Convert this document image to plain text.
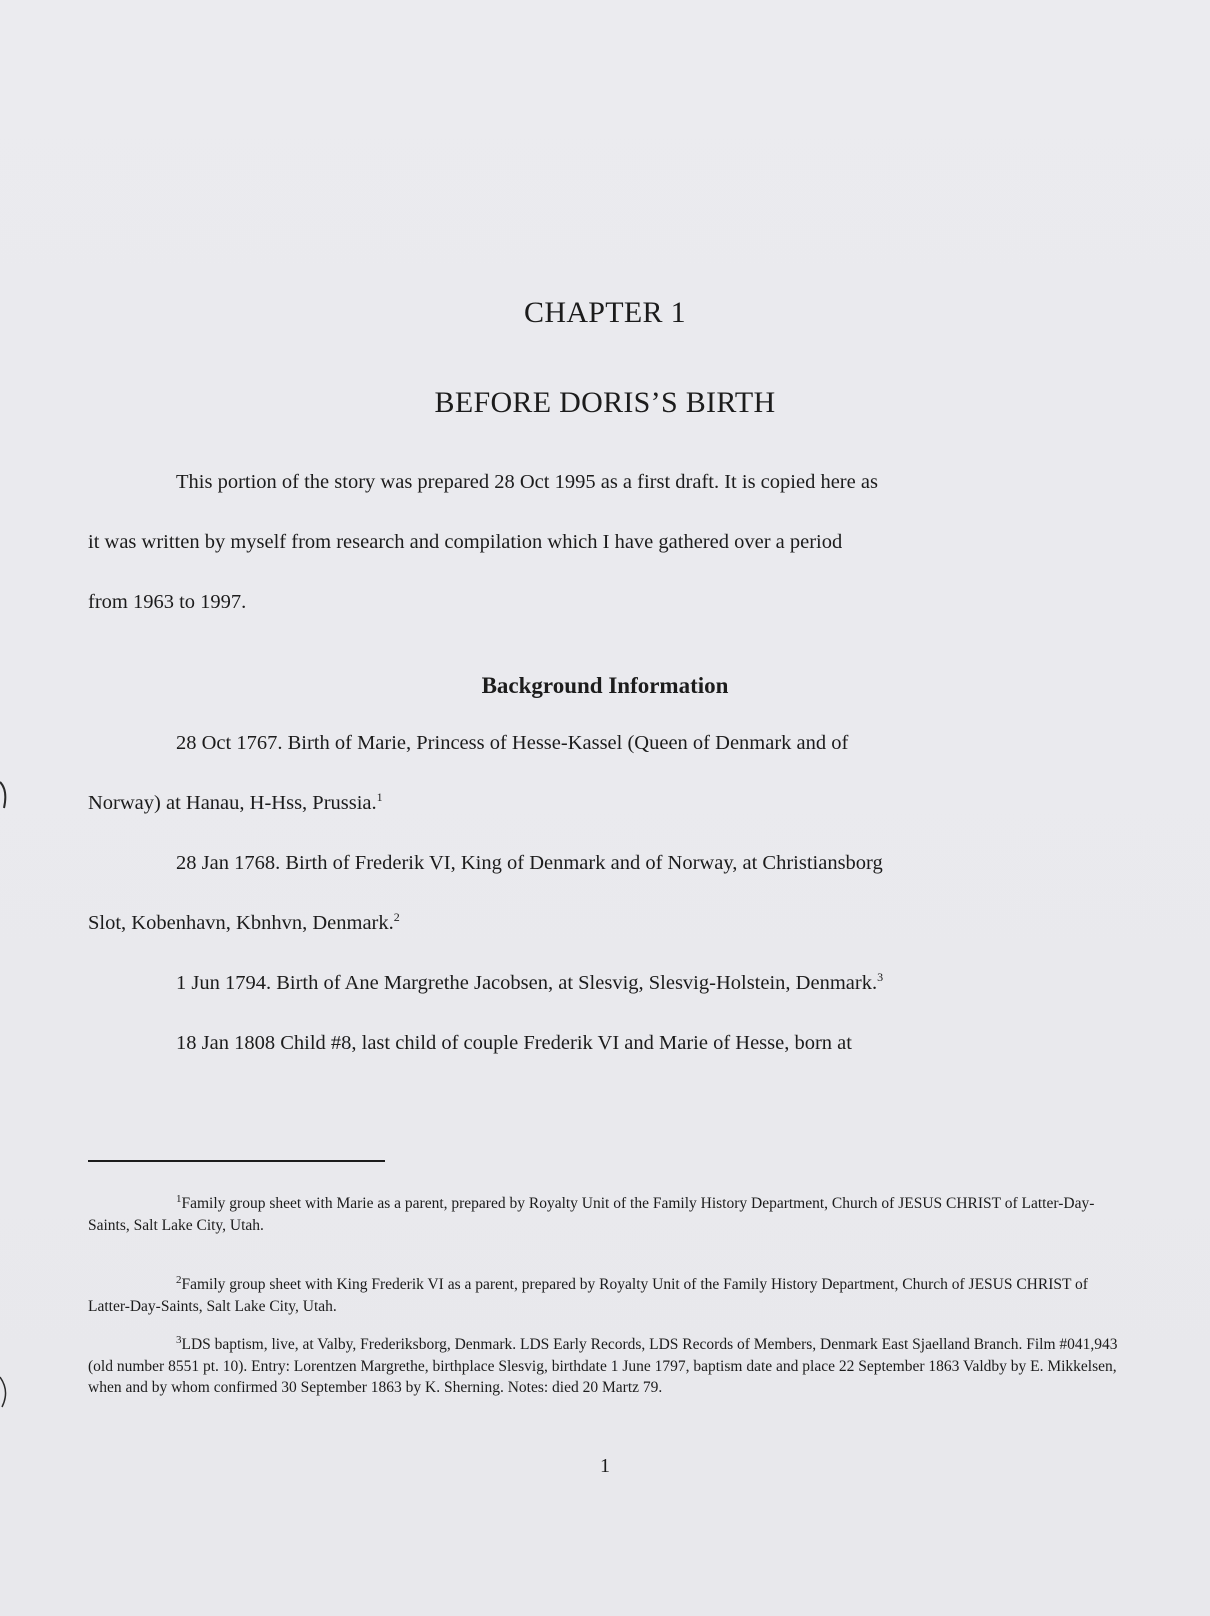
CHAPTER 1
BEFORE DORIS’S BIRTH
This portion of the story was prepared 28 Oct 1995 as a first draft. It is copied here as
it was written by myself from research and compilation which I have gathered over a period
from 1963 to 1997.
Background Information
28 Oct 1767. Birth of Marie, Princess of Hesse-Kassel (Queen of Denmark and of
Norway) at Hanau, H-Hss, Prussia.$^1$
28 Jan 1768. Birth of Frederik VI, King of Denmark and of Norway, at Christiansborg
Slot, Kobenhavn, Kbnhvn, Denmark.$^2$
1 Jun 1794. Birth of Ane Margrethe Jacobsen, at Slesvig, Slesvig-Holstein, Denmark.$^3$
18 Jan 1808 Child #8, last child of couple Frederik VI and Marie of Hesse, born at
$^1$Family group sheet with Marie as a parent, prepared by Royalty Unit of the Family History Department, Church of JESUS CHRIST of Latter-Day-Saints, Salt Lake City, Utah.
$^2$Family group sheet with King Frederik VI as a parent, prepared by Royalty Unit of the Family History Department, Church of JESUS CHRIST of Latter-Day-Saints, Salt Lake City, Utah.
$^3$LDS baptism, live, at Valby, Frederiksborg, Denmark. LDS Early Records, LDS Records of Members, Denmark East Sjaelland Branch. Film #041,943 (old number 8551 pt. 10). Entry: Lorentzen Margrethe, birthplace Slesvig, birthdate 1 June 1797, baptism date and place 22 September 1863 Valdby by E. Mikkelsen, when and by whom confirmed 30 September 1863 by K. Sherning. Notes: died 20 Martz 79.
1
